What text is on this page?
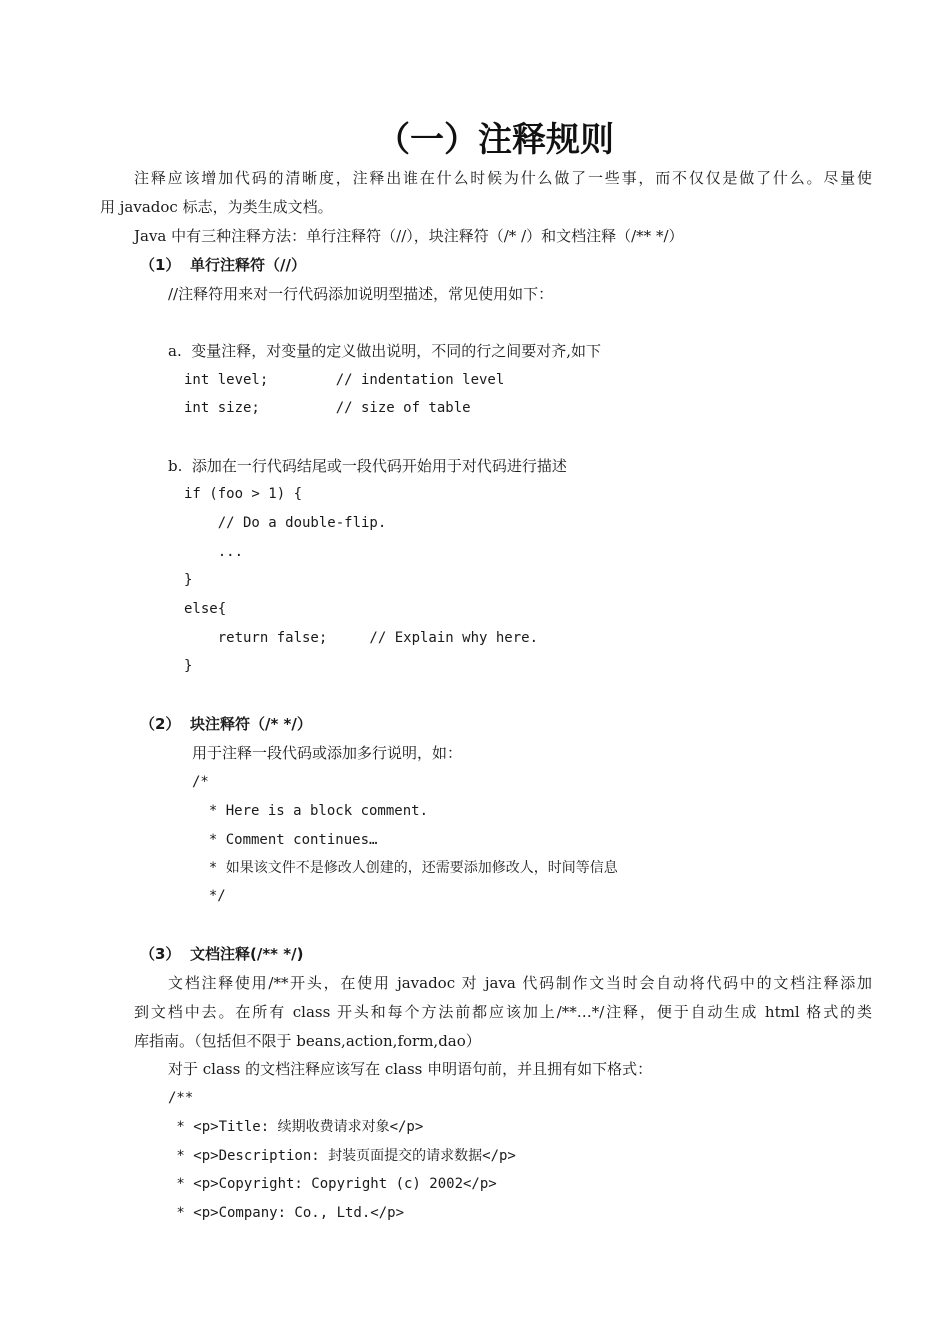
（一）注释规则
注释应该增加代码的清晰度，注释出谁在什么时候为什么做了一些事，而不仅仅是做了什么。尽量使
用 javadoc 标志，为类生成文档。
Java 中有三种注释方法：单行注释符（//），块注释符（/* /）和文档注释（/** */）
（1） 单行注释符（//）
//注释符用来对一行代码添加说明型描述，常见使用如下：
a.  变量注释，对变量的定义做出说明，不同的行之间要对齐,如下
int level;        // indentation level
int size;         // size of table
b.  添加在一行代码结尾或一段代码开始用于对代码进行描述
if (foo > 1) {
// Do a double-flip.
...
}
else{
return false;     // Explain why here.
}
（2） 块注释符（/* */）
用于注释一段代码或添加多行说明，如：
/*
* Here is a block comment.
* Comment continues…
* 如果该文件不是修改人创建的，还需要添加修改人，时间等信息
*/
（3） 文档注释(/** */)
文档注释使用/**开头，在使用 javadoc 对 java 代码制作文当时会自动将代码中的文档注释添加
到文档中去。在所有 class 开头和每个方法前都应该加上/**…*/注释，便于自动生成 html 格式的类
库指南。（包括但不限于 beans,action,form,dao）
对于 class 的文档注释应该写在 class 申明语句前，并且拥有如下格式：
/**
* <p>Title: 续期收费请求对象</p>
* <p>Description: 封装页面提交的请求数据</p>
* <p>Copyright: Copyright (c) 2002</p>
* <p>Company: Co., Ltd.</p>
